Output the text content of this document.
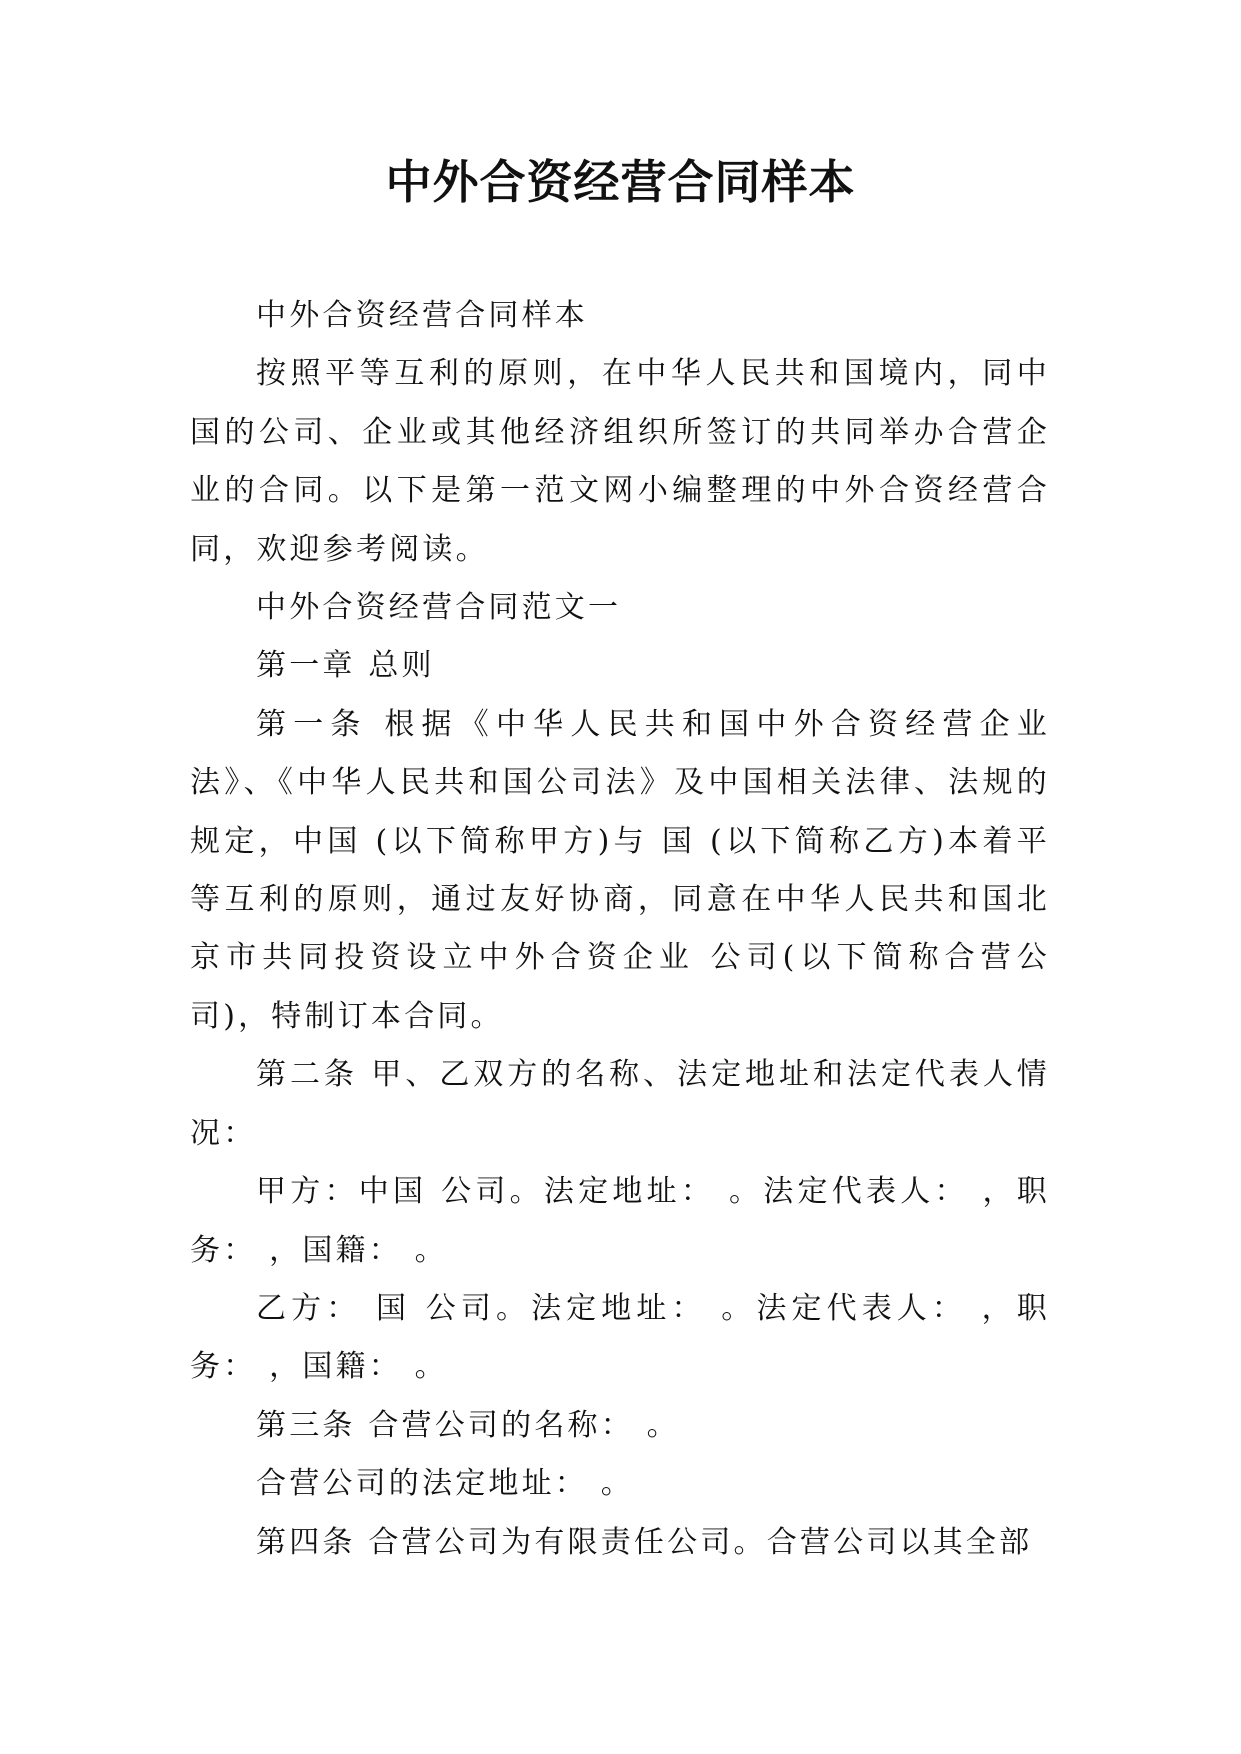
中外合资经营合同样本

中外合资经营合同样本

按照平等互利的原则，在中华人民共和国境内，同中国的公司、企业或其他经济组织所签订的共同举办合营企业的合同。以下是第一范文网小编整理的中外合资经营合同，欢迎参考阅读。

中外合资经营合同范文一

第一章 总则

第一条 根据《中华人民共和国中外合资经营企业法》、《中华人民共和国公司法》及中国相关法律、法规的规定，中国 (以下简称甲方)与 国 (以下简称乙方)本着平等互利的原则，通过友好协商，同意在中华人民共和国北京市共同投资设立中外合资企业 公司(以下简称合营公司)，特制订本合同。

第二条 甲、乙双方的名称、法定地址和法定代表人情况：

甲方：中国 公司。法定地址： 。法定代表人： ，职务： ，国籍： 。

乙方： 国 公司。法定地址： 。法定代表人： ，职务： ，国籍： 。

第三条 合营公司的名称： 。

合营公司的法定地址： 。

第四条 合营公司为有限责任公司。合营公司以其全部
